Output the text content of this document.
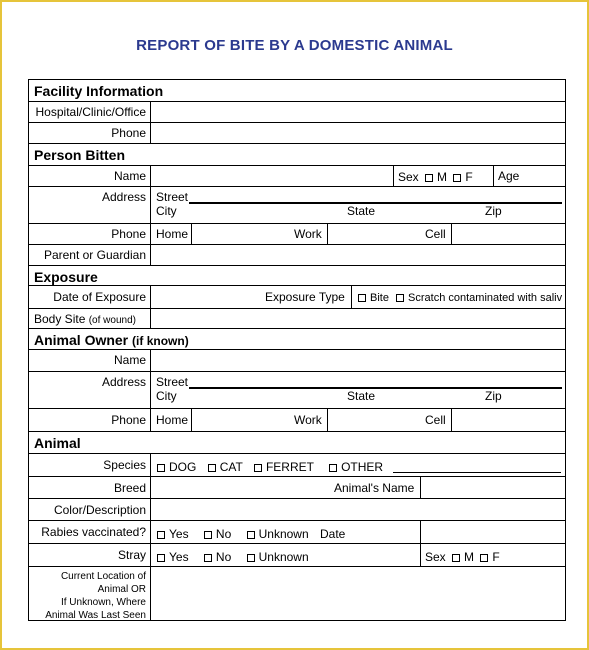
REPORT OF BITE BY A DOMESTIC ANIMAL
Facility Information
Hospital/Clinic/Office
Phone
Person Bitten
Name	Sex M F Age
Address Street
City	State	Zip
Phone Home	Work	Cell
Parent or Guardian
Exposure
Date of Exposure	Exposure Type	Bite Scratch contaminated with saliv
Body Site (of wound)
Animal Owner (if known)
Name
Address Street
City	State	Zip
Phone Home	Work	Cell
Animal
Species	DOG CAT FERRET OTHER
Breed	Animal's Name
Color/Description
Rabies vaccinated?	Yes No Unknown Date
Stray	Yes No Unknown	Sex M F
Current Location of
Animal OR
If Unknown, Where
Animal Was Last Seen
